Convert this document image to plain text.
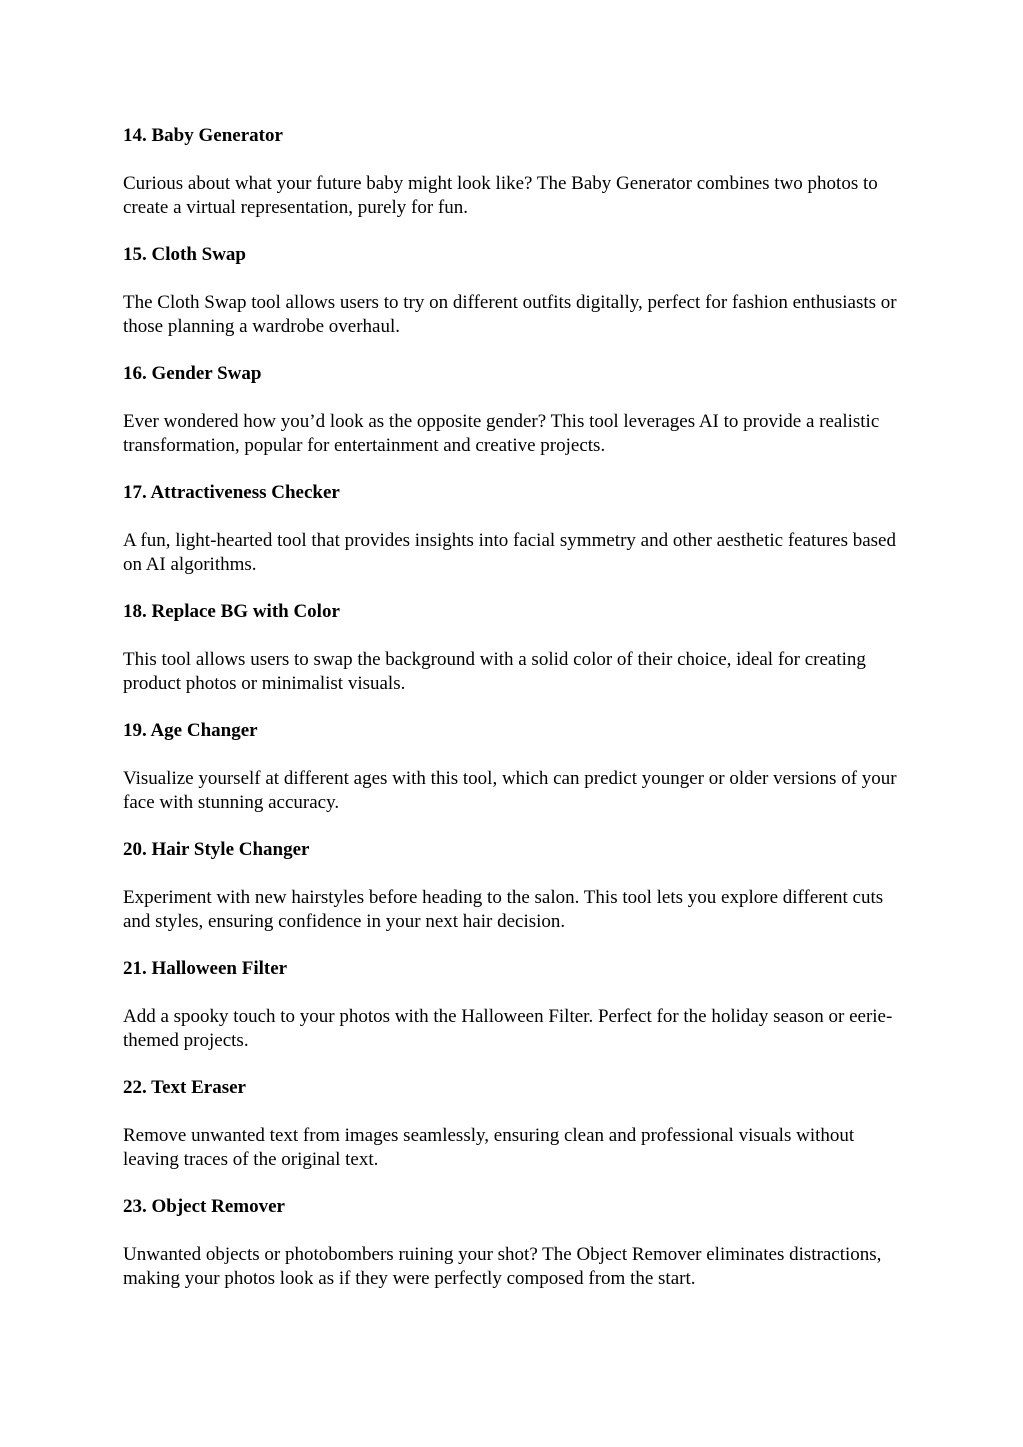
14. Baby Generator

Curious about what your future baby might look like? The Baby Generator combines two photos to create a virtual representation, purely for fun.

15. Cloth Swap

The Cloth Swap tool allows users to try on different outfits digitally, perfect for fashion enthusiasts or those planning a wardrobe overhaul.

16. Gender Swap

Ever wondered how you’d look as the opposite gender? This tool leverages AI to provide a realistic transformation, popular for entertainment and creative projects.

17. Attractiveness Checker

A fun, light-hearted tool that provides insights into facial symmetry and other aesthetic features based on AI algorithms.

18. Replace BG with Color

This tool allows users to swap the background with a solid color of their choice, ideal for creating product photos or minimalist visuals.

19. Age Changer

Visualize yourself at different ages with this tool, which can predict younger or older versions of your face with stunning accuracy.

20. Hair Style Changer

Experiment with new hairstyles before heading to the salon. This tool lets you explore different cuts and styles, ensuring confidence in your next hair decision.

21. Halloween Filter

Add a spooky touch to your photos with the Halloween Filter. Perfect for the holiday season or eerie-themed projects.

22. Text Eraser

Remove unwanted text from images seamlessly, ensuring clean and professional visuals without leaving traces of the original text.

23. Object Remover

Unwanted objects or photobombers ruining your shot? The Object Remover eliminates distractions, making your photos look as if they were perfectly composed from the start.
